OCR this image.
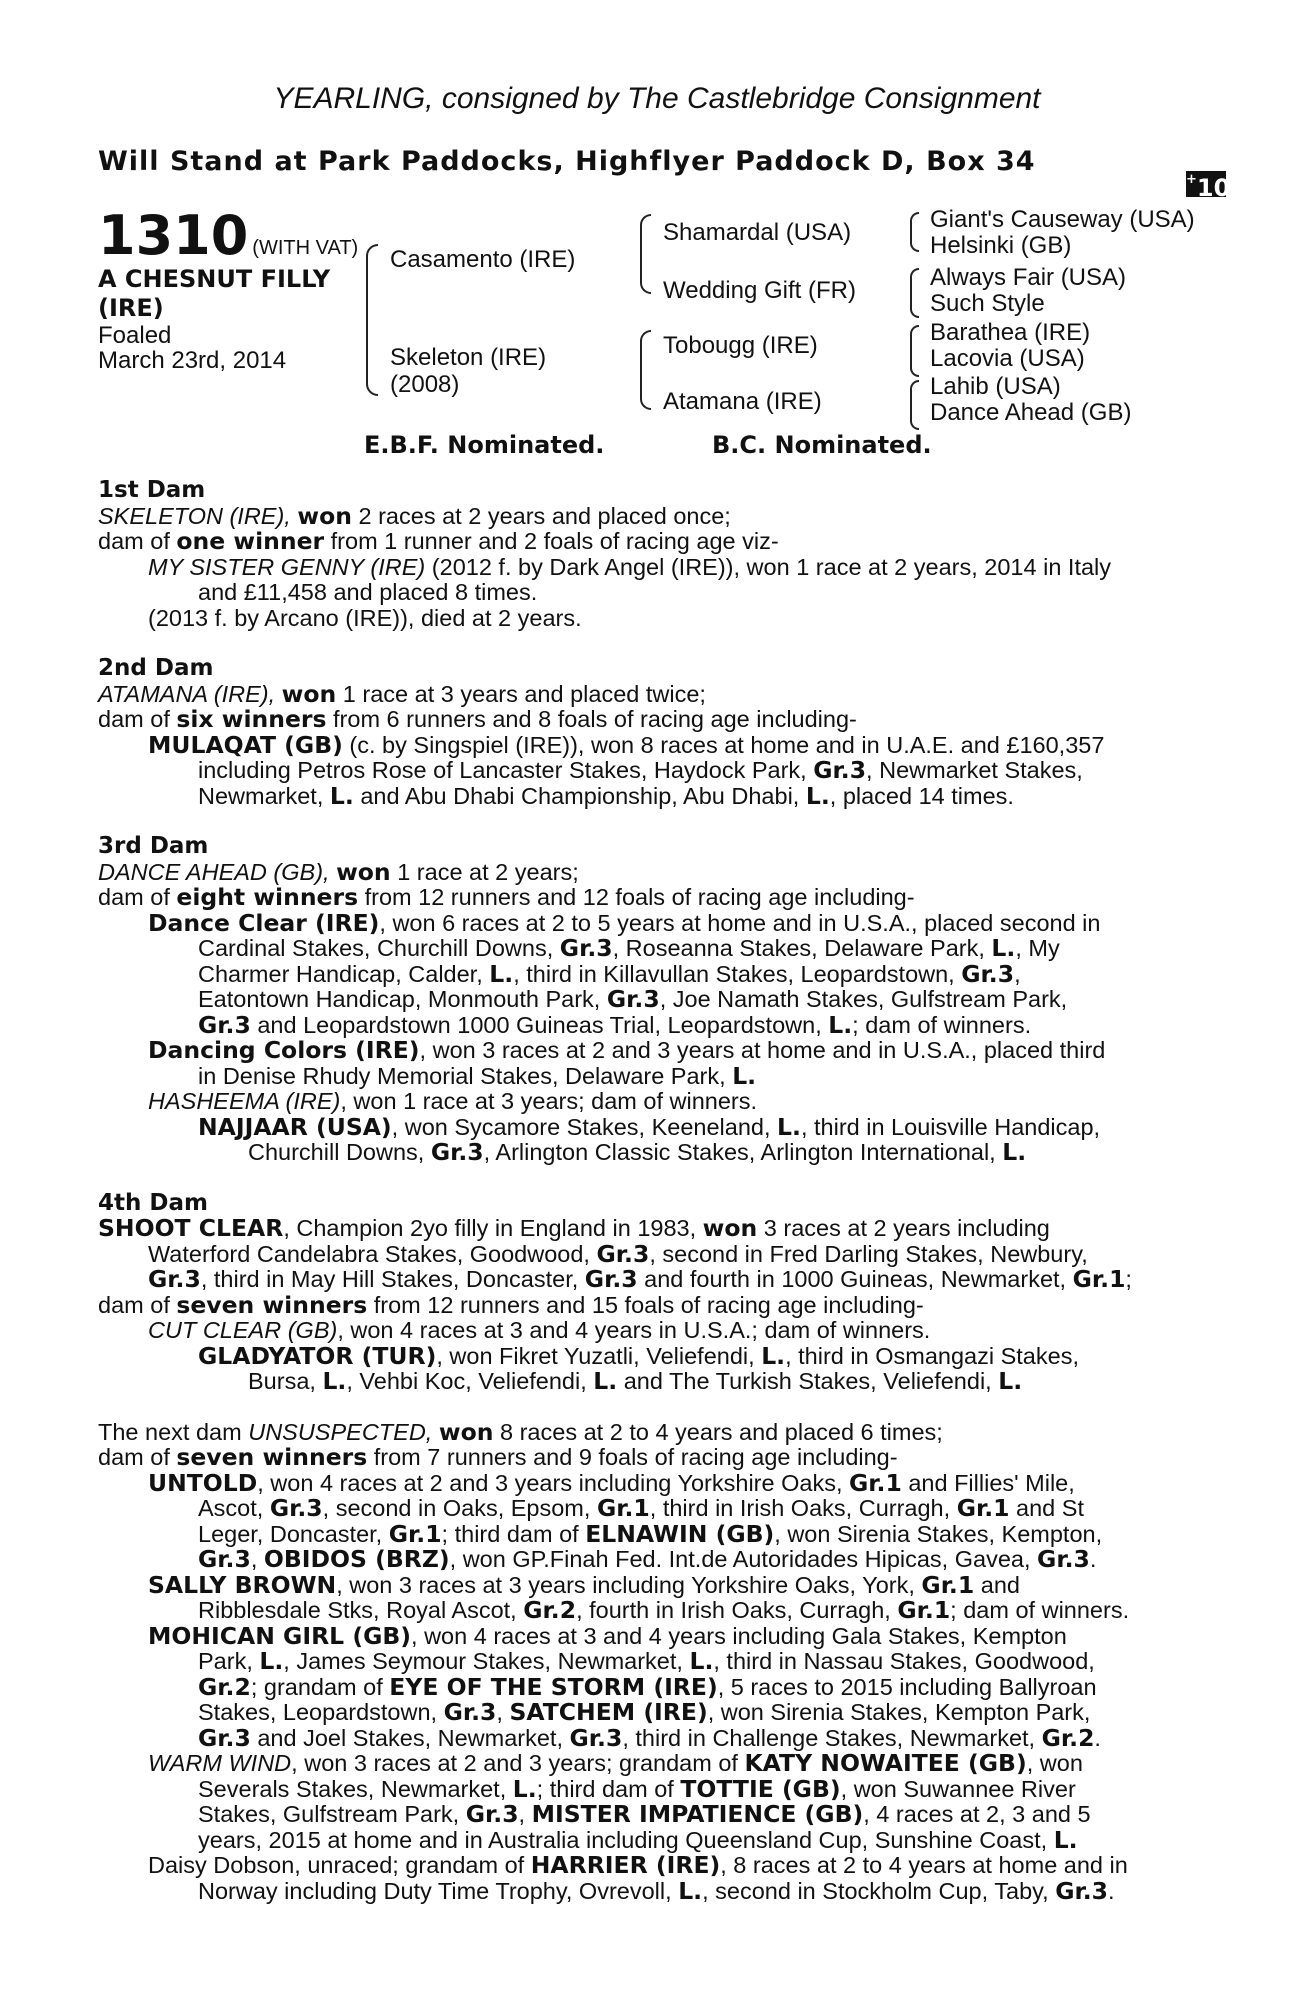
YEARLING, consigned by The Castlebridge Consignment
Will Stand at Park Paddocks, Highflyer Paddock D, Box 34
+10
1310 (WITH VAT)
A CHESNUT FILLY
(IRE)
Foaled
March 23rd, 2014
Casamento (IRE)
Skeleton (IRE)
(2008)
Shamardal (USA)
Wedding Gift (FR)
Tobougg (IRE)
Atamana (IRE)
Giant's Causeway (USA)
Helsinki (GB)
Always Fair (USA)
Such Style
Barathea (IRE)
Lacovia (USA)
Lahib (USA)
Dance Ahead (GB)
E.B.F. Nominated.	B.C. Nominated.
1st Dam
SKELETON (IRE), won 2 races at 2 years and placed once;
dam of one winner from 1 runner and 2 foals of racing age viz-
MY SISTER GENNY (IRE) (2012 f. by Dark Angel (IRE)), won 1 race at 2 years, 2014 in Italy
and £11,458 and placed 8 times.
(2013 f. by Arcano (IRE)), died at 2 years.
2nd Dam
ATAMANA (IRE), won 1 race at 3 years and placed twice;
dam of six winners from 6 runners and 8 foals of racing age including-
MULAQAT (GB) (c. by Singspiel (IRE)), won 8 races at home and in U.A.E. and £160,357
including Petros Rose of Lancaster Stakes, Haydock Park, Gr.3, Newmarket Stakes,
Newmarket, L. and Abu Dhabi Championship, Abu Dhabi, L., placed 14 times.
3rd Dam
DANCE AHEAD (GB), won 1 race at 2 years;
dam of eight winners from 12 runners and 12 foals of racing age including-
Dance Clear (IRE), won 6 races at 2 to 5 years at home and in U.S.A., placed second in
Cardinal Stakes, Churchill Downs, Gr.3, Roseanna Stakes, Delaware Park, L., My
Charmer Handicap, Calder, L., third in Killavullan Stakes, Leopardstown, Gr.3,
Eatontown Handicap, Monmouth Park, Gr.3, Joe Namath Stakes, Gulfstream Park,
Gr.3 and Leopardstown 1000 Guineas Trial, Leopardstown, L.; dam of winners.
Dancing Colors (IRE), won 3 races at 2 and 3 years at home and in U.S.A., placed third
in Denise Rhudy Memorial Stakes, Delaware Park, L.
HASHEEMA (IRE), won 1 race at 3 years; dam of winners.
NAJJAAR (USA), won Sycamore Stakes, Keeneland, L., third in Louisville Handicap,
Churchill Downs, Gr.3, Arlington Classic Stakes, Arlington International, L.
4th Dam
SHOOT CLEAR, Champion 2yo filly in England in 1983, won 3 races at 2 years including
Waterford Candelabra Stakes, Goodwood, Gr.3, second in Fred Darling Stakes, Newbury,
Gr.3, third in May Hill Stakes, Doncaster, Gr.3 and fourth in 1000 Guineas, Newmarket, Gr.1;
dam of seven winners from 12 runners and 15 foals of racing age including-
CUT CLEAR (GB), won 4 races at 3 and 4 years in U.S.A.; dam of winners.
GLADYATOR (TUR), won Fikret Yuzatli, Veliefendi, L., third in Osmangazi Stakes,
Bursa, L., Vehbi Koc, Veliefendi, L. and The Turkish Stakes, Veliefendi, L.
The next dam UNSUSPECTED, won 8 races at 2 to 4 years and placed 6 times;
dam of seven winners from 7 runners and 9 foals of racing age including-
UNTOLD, won 4 races at 2 and 3 years including Yorkshire Oaks, Gr.1 and Fillies' Mile,
Ascot, Gr.3, second in Oaks, Epsom, Gr.1, third in Irish Oaks, Curragh, Gr.1 and St
Leger, Doncaster, Gr.1; third dam of ELNAWIN (GB), won Sirenia Stakes, Kempton,
Gr.3, OBIDOS (BRZ), won GP.Finah Fed. Int.de Autoridades Hipicas, Gavea, Gr.3.
SALLY BROWN, won 3 races at 3 years including Yorkshire Oaks, York, Gr.1 and
Ribblesdale Stks, Royal Ascot, Gr.2, fourth in Irish Oaks, Curragh, Gr.1; dam of winners.
MOHICAN GIRL (GB), won 4 races at 3 and 4 years including Gala Stakes, Kempton
Park, L., James Seymour Stakes, Newmarket, L., third in Nassau Stakes, Goodwood,
Gr.2; grandam of EYE OF THE STORM (IRE), 5 races to 2015 including Ballyroan
Stakes, Leopardstown, Gr.3, SATCHEM (IRE), won Sirenia Stakes, Kempton Park,
Gr.3 and Joel Stakes, Newmarket, Gr.3, third in Challenge Stakes, Newmarket, Gr.2.
WARM WIND, won 3 races at 2 and 3 years; grandam of KATY NOWAITEE (GB), won
Severals Stakes, Newmarket, L.; third dam of TOTTIE (GB), won Suwannee River
Stakes, Gulfstream Park, Gr.3, MISTER IMPATIENCE (GB), 4 races at 2, 3 and 5
years, 2015 at home and in Australia including Queensland Cup, Sunshine Coast, L.
Daisy Dobson, unraced; grandam of HARRIER (IRE), 8 races at 2 to 4 years at home and in
Norway including Duty Time Trophy, Ovrevoll, L., second in Stockholm Cup, Taby, Gr.3.
